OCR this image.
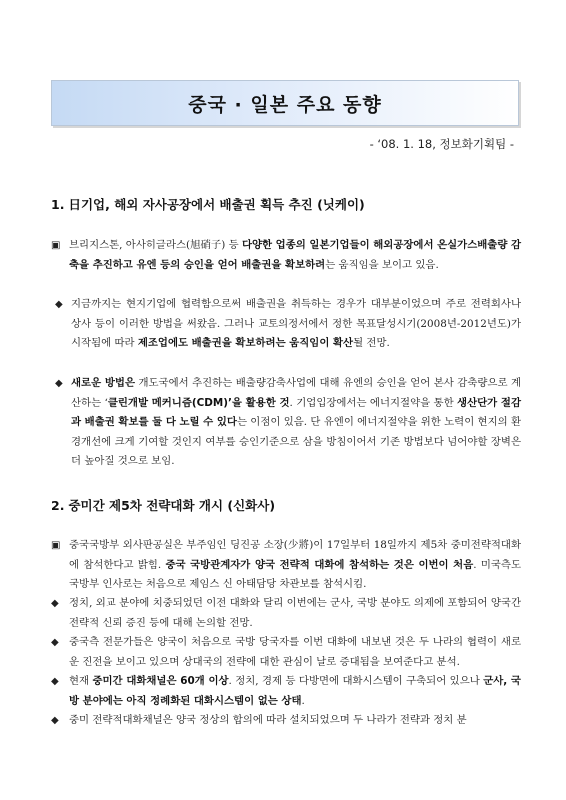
중국 · 일본 주요 동향
- ‘08. 1. 18, 정보화기획팀 -
1. 日기업, 해외 자사공장에서 배출권 획득 추진 (닛케이)
▣ 브리지스톤, 아사히글라스(旭硝子) 등 다양한 업종의 일본기업들이 해외공장에서 온실가스배출량 감축을 추진하고 유엔 등의 승인을 얻어 배출권을 확보하려는 움직임을 보이고 있음.
◆ 지금까지는 현지기업에 협력함으로써 배출권을 취득하는 경우가 대부분이었으며 주로 전력회사나 상사 등이 이러한 방법을 써왔음. 그러나 교토의정서에서 정한 목표달성시기(2008년-2012년도)가 시작됨에 따라 제조업에도 배출권을 확보하려는 움직임이 확산될 전망.
◆ 새로운 방법은 개도국에서 추진하는 배출량감축사업에 대해 유엔의 승인을 얻어 본사 감축량으로 계산하는 ‘클린개발 메커니즘(CDM)’을 활용한 것. 기업입장에서는 에너지절약을 통한 생산단가 절감과 배출권 확보를 둘 다 노릴 수 있다는 이점이 있음. 단 유엔이 에너지절약을 위한 노력이 현지의 환경개선에 크게 기여할 것인지 여부를 승인기준으로 삼을 방침이어서 기존 방법보다 넘어야할 장벽은 더 높아질 것으로 보임.
2. 중미간 제5차 전략대화 개시 (신화사)
▣ 중국국방부 외사판공실은 부주임인 딩진공 소장(少將)이 17일부터 18일까지 제5차 중미전략적대화에 참석한다고 밝힘. 중국 국방관계자가 양국 전략적 대화에 참석하는 것은 이번이 처음. 미국측도 국방부 인사로는 처음으로 제임스 신 아태담당 차관보를 참석시킴.
◆ 정치, 외교 분야에 치중되었던 이전 대화와 달리 이번에는 군사, 국방 분야도 의제에 포함되어 양국간 전략적 신뢰 증진 등에 대해 논의할 전망.
◆ 중국측 전문가들은 양국이 처음으로 국방 당국자를 이번 대화에 내보낸 것은 두 나라의 협력이 새로운 진전을 보이고 있으며 상대국의 전략에 대한 관심이 날로 증대됨을 보여준다고 분석.
◆ 현재 중미간 대화채널은 60개 이상. 정치, 경제 등 다방면에 대화시스템이 구축되어 있으나 군사, 국방 분야에는 아직 정례화된 대화시스템이 없는 상태.
◆ 중미 전략적대화채널은 양국 정상의 합의에 따라 설치되었으며 두 나라가 전략과 정치 분
